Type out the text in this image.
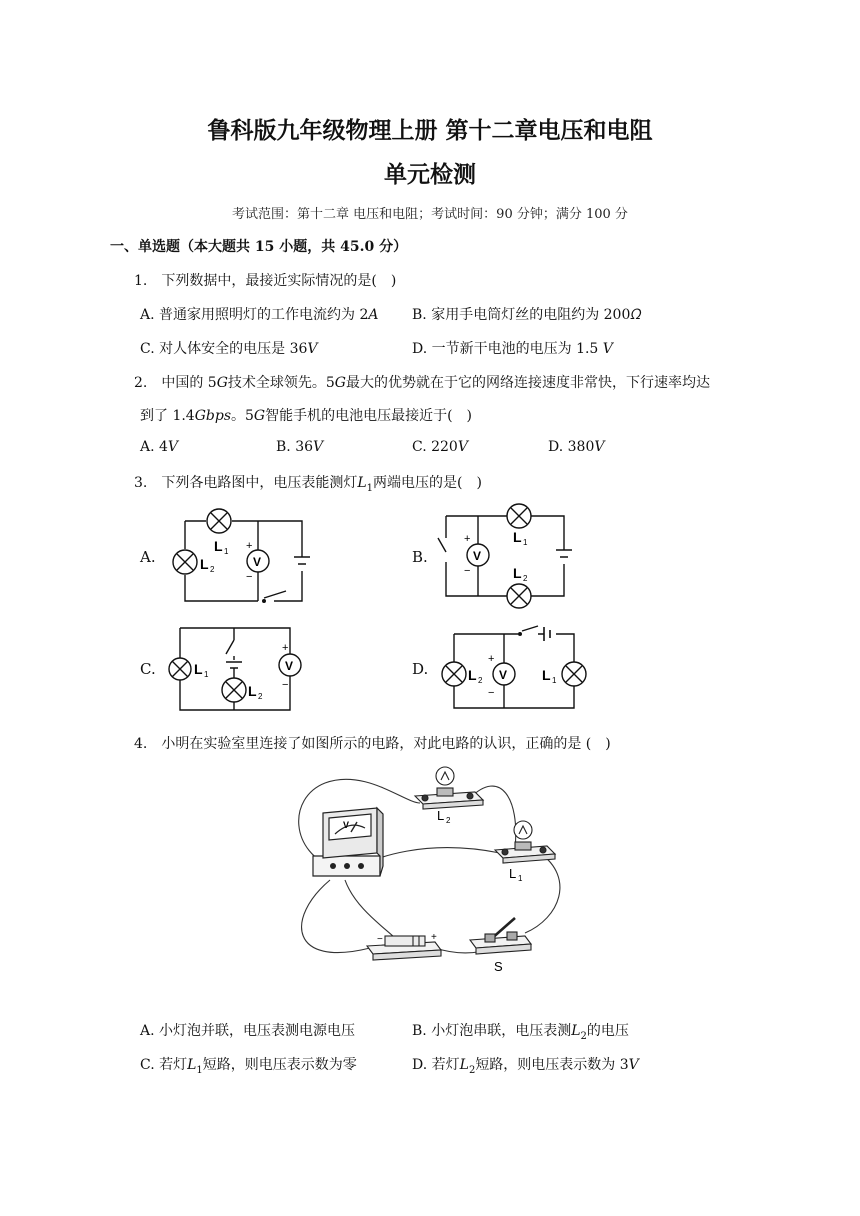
鲁科版九年级物理上册 第十二章电压和电阻
单元检测
考试范围：第十二章 电压和电阻；考试时间：90 分钟；满分 100 分
一、单选题（本大题共 15 小题，共 45.0 分）
1.　下列数据中，最接近实际情况的是(　)
A. 普通家用照明灯的工作电流约为 2𝐴 B. 家用手电筒灯丝的电阻约为 200𝛺
C. 对人体安全的电压是 36𝑉	D. 一节新干电池的电压为 1.5 𝑉
2.　中国的 5𝐺技术全球领先。5𝐺最大的优势就在于它的网络连接速度非常快，下行速率均达
到了 1.4𝐺𝑏𝑝𝑠。5𝐺智能手机的电池电压最接近于(　)
A. 4𝑉	B. 36𝑉	C. 220𝑉	D. 380𝑉
3.　下列各电路图中，电压表能测灯𝐿$_1$两端电压的是(　)
A.	B.
C.	D.
L 1
L 2
V
+
−
V
+
−
L 1
L 2
V
+
−
L 1
L 2
V
+
−
L 2	L 1
4.　小明在实验室里连接了如图所示的电路，对此电路的认识，正确的是 (　)
V
L 2
L 1
−	+
S
A. 小灯泡并联，电压表测电源电压	B. 小灯泡串联，电压表测𝐿$_2$的电压
C. 若灯𝐿$_1$短路，则电压表示数为零	D. 若灯𝐿$_2$短路，则电压表示数为 3𝑉
